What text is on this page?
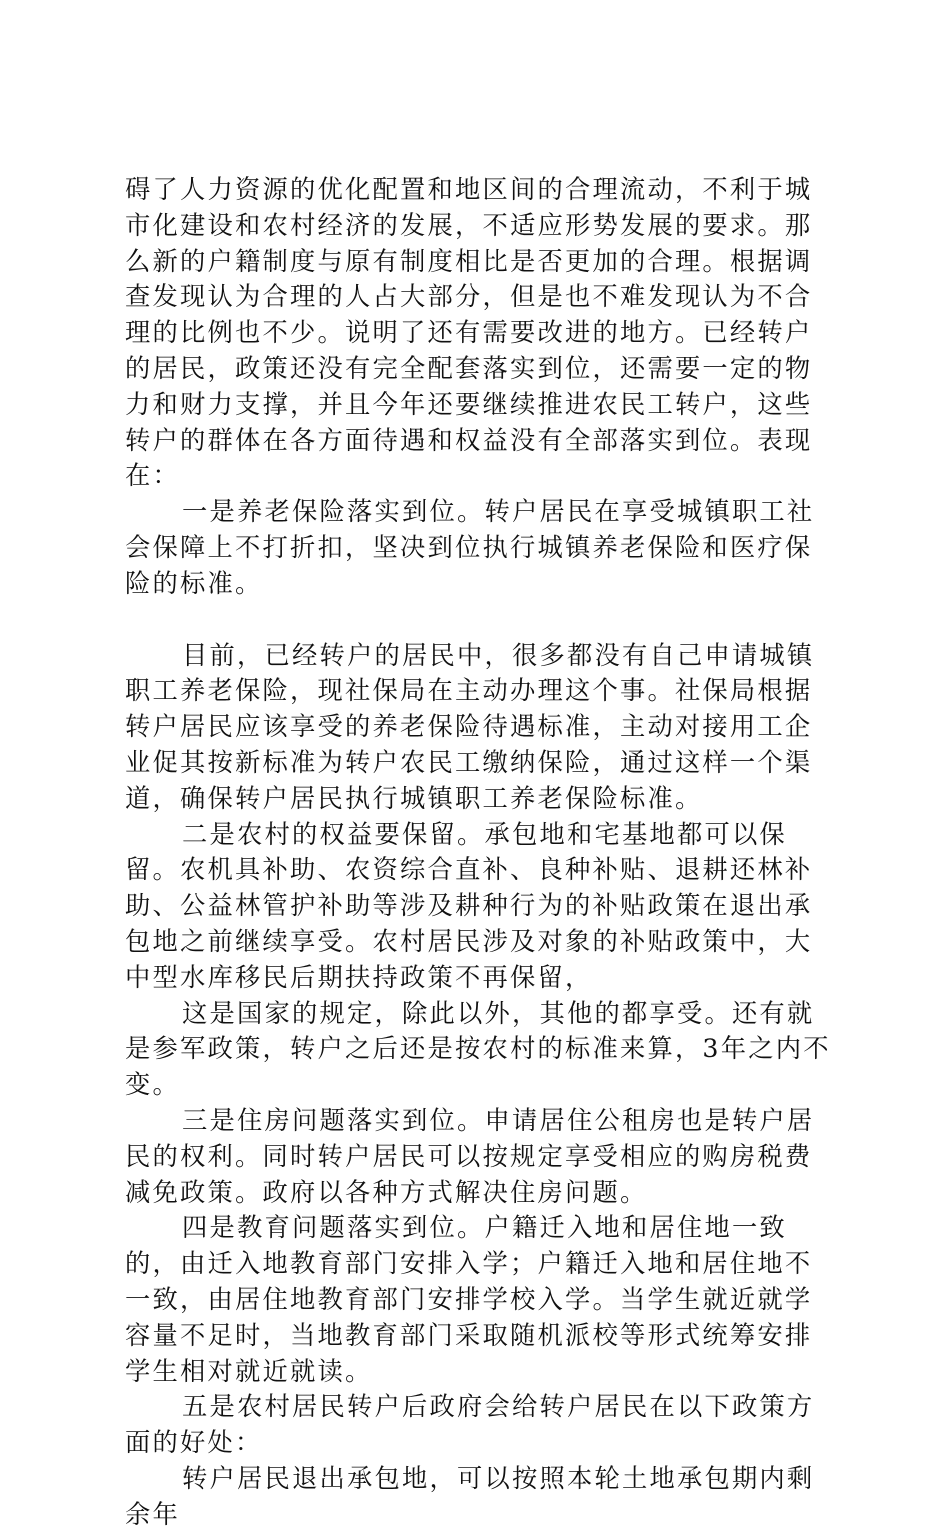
碍了人力资源的优化配置和地区间的合理流动，不利于城市化建设和农村经济的发展，不适应形势发展的要求。那么新的户籍制度与原有制度相比是否更加的合理。根据调查发现认为合理的人占大部分，但是也不难发现认为不合理的比例也不少。说明了还有需要改进的地方。已经转户的居民，政策还没有完全配套落实到位，还需要一定的物力和财力支撑，并且今年还要继续推进农民工转户，这些转户的群体在各方面待遇和权益没有全部落实到位。表现在：

一是养老保险落实到位。转户居民在享受城镇职工社会保障上不打折扣，坚决到位执行城镇养老保险和医疗保险的标准。

目前，已经转户的居民中，很多都没有自己申请城镇职工养老保险，现社保局在主动办理这个事。社保局根据转户居民应该享受的养老保险待遇标准，主动对接用工企业促其按新标准为转户农民工缴纳保险，通过这样一个渠道，确保转户居民执行城镇职工养老保险标准。

二是农村的权益要保留。承包地和宅基地都可以保留。农机具补助、农资综合直补、良种补贴、退耕还林补助、公益林管护补助等涉及耕种行为的补贴政策在退出承包地之前继续享受。农村居民涉及对象的补贴政策中，大中型水库移民后期扶持政策不再保留，

这是国家的规定，除此以外，其他的都享受。还有就是参军政策，转户之后还是按农村的标准来算，3年之内不变。

三是住房问题落实到位。申请居住公租房也是转户居民的权利。同时转户居民可以按规定享受相应的购房税费减免政策。政府以各种方式解决住房问题。

四是教育问题落实到位。户籍迁入地和居住地一致的，由迁入地教育部门安排入学；户籍迁入地和居住地不一致，由居住地教育部门安排学校入学。当学生就近就学容量不足时，当地教育部门采取随机派校等形式统筹安排学生相对就近就读。

五是农村居民转户后政府会给转户居民在以下政策方面的好处：

转户居民退出承包地，可以按照本轮土地承包期内剩余年
